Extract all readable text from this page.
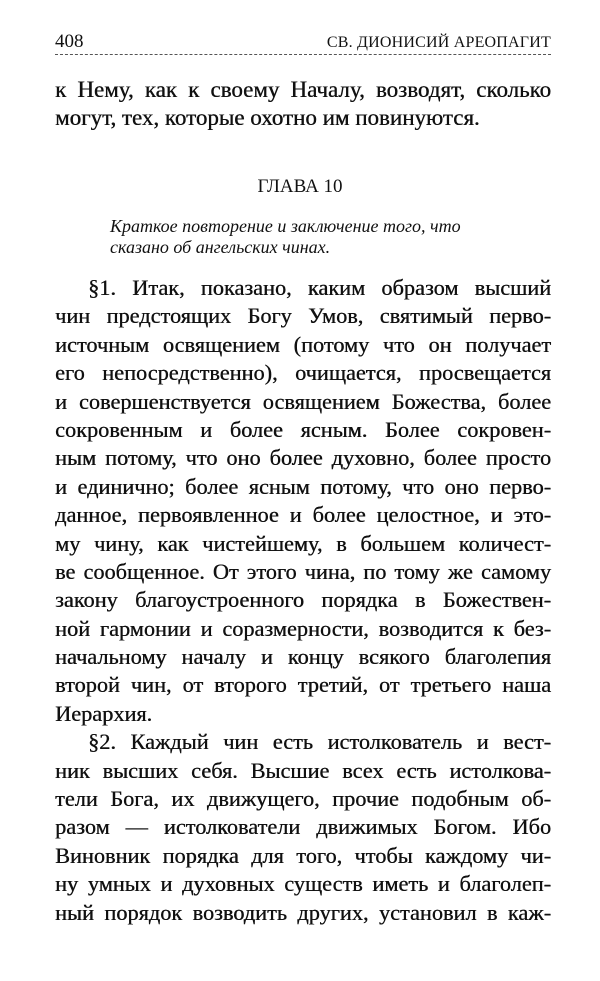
408	СВ. ДИОНИСИЙ АРЕОПАГИТ
к Нему, как к своему Началу, возводят, сколько
могут, тех, которые охотно им повинуются.
ГЛАВА 10
Краткое повторение и заключение того, что
сказано об ангельских чинах.
§1. Итак, показано, каким образом высший
чин предстоящих Богу Умов, святимый перво-
источным освящением (потому что он получает
его непосредственно), очищается, просвещается
и совершенствуется освящением Божества, более
сокровенным и более ясным. Более сокровен-
ным потому, что оно более духовно, более просто
и единично; более ясным потому, что оно перво-
данное, первоявленное и более целостное, и это-
му чину, как чистейшему, в большем количест-
ве сообщенное. От этого чина, по тому же самому
закону благоустроенного порядка в Божествен-
ной гармонии и соразмерности, возводится к без-
начальному началу и концу всякого благолепия
второй чин, от второго третий, от третьего наша
Иерархия.
§2. Каждый чин есть истолкователь и вест-
ник высших себя. Высшие всех есть истолкова-
тели Бога, их движущего, прочие подобным об-
разом — истолкователи движимых Богом. Ибо
Виновник порядка для того, чтобы каждому чи-
ну умных и духовных существ иметь и благолеп-
ный порядок возводить других, установил в каж-
